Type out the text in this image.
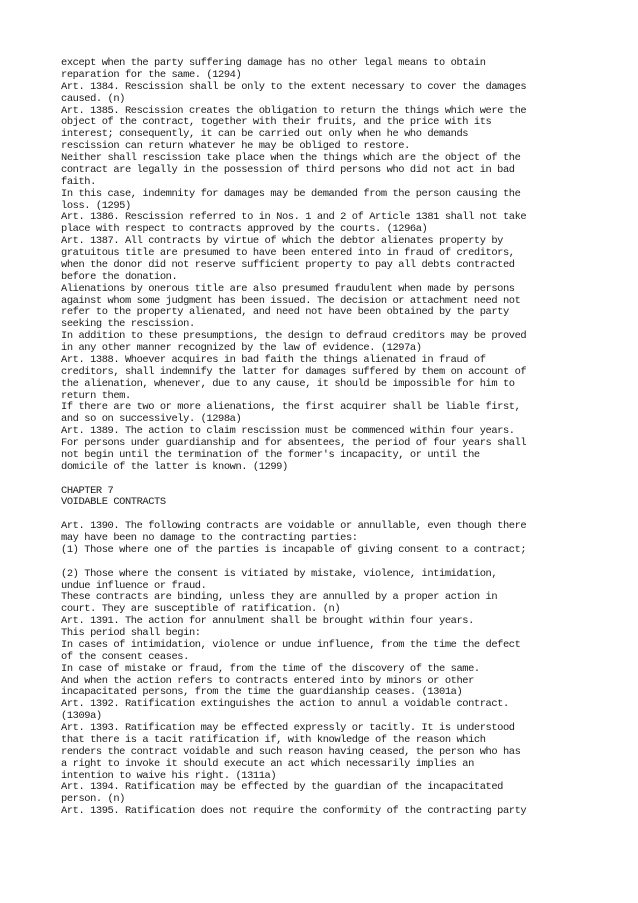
except when the party suffering damage has no other legal means to obtain
reparation for the same. (1294)
Art. 1384. Rescission shall be only to the extent necessary to cover the damages
caused. (n)
Art. 1385. Rescission creates the obligation to return the things which were the
object of the contract, together with their fruits, and the price with its
interest; consequently, it can be carried out only when he who demands
rescission can return whatever he may be obliged to restore.
Neither shall rescission take place when the things which are the object of the
contract are legally in the possession of third persons who did not act in bad
faith.
In this case, indemnity for damages may be demanded from the person causing the
loss. (1295)
Art. 1386. Rescission referred to in Nos. 1 and 2 of Article 1381 shall not take
place with respect to contracts approved by the courts. (1296a)
Art. 1387. All contracts by virtue of which the debtor alienates property by
gratuitous title are presumed to have been entered into in fraud of creditors,
when the donor did not reserve sufficient property to pay all debts contracted
before the donation.
Alienations by onerous title are also presumed fraudulent when made by persons
against whom some judgment has been issued. The decision or attachment need not
refer to the property alienated, and need not have been obtained by the party
seeking the rescission.
In addition to these presumptions, the design to defraud creditors may be proved
in any other manner recognized by the law of evidence. (1297a)
Art. 1388. Whoever acquires in bad faith the things alienated in fraud of
creditors, shall indemnify the latter for damages suffered by them on account of
the alienation, whenever, due to any cause, it should be impossible for him to
return them.
If there are two or more alienations, the first acquirer shall be liable first,
and so on successively. (1298a)
Art. 1389. The action to claim rescission must be commenced within four years.
For persons under guardianship and for absentees, the period of four years shall
not begin until the termination of the former's incapacity, or until the
domicile of the latter is known. (1299)
CHAPTER 7
VOIDABLE CONTRACTS
Art. 1390. The following contracts are voidable or annullable, even though there
may have been no damage to the contracting parties:
(1) Those where one of the parties is incapable of giving consent to a contract;
(2) Those where the consent is vitiated by mistake, violence, intimidation,
undue influence or fraud.
These contracts are binding, unless they are annulled by a proper action in
court. They are susceptible of ratification. (n)
Art. 1391. The action for annulment shall be brought within four years.
This period shall begin:
In cases of intimidation, violence or undue influence, from the time the defect
of the consent ceases.
In case of mistake or fraud, from the time of the discovery of the same.
And when the action refers to contracts entered into by minors or other
incapacitated persons, from the time the guardianship ceases. (1301a)
Art. 1392. Ratification extinguishes the action to annul a voidable contract.
(1309a)
Art. 1393. Ratification may be effected expressly or tacitly. It is understood
that there is a tacit ratification if, with knowledge of the reason which
renders the contract voidable and such reason having ceased, the person who has
a right to invoke it should execute an act which necessarily implies an
intention to waive his right. (1311a)
Art. 1394. Ratification may be effected by the guardian of the incapacitated
person. (n)
Art. 1395. Ratification does not require the conformity of the contracting party
